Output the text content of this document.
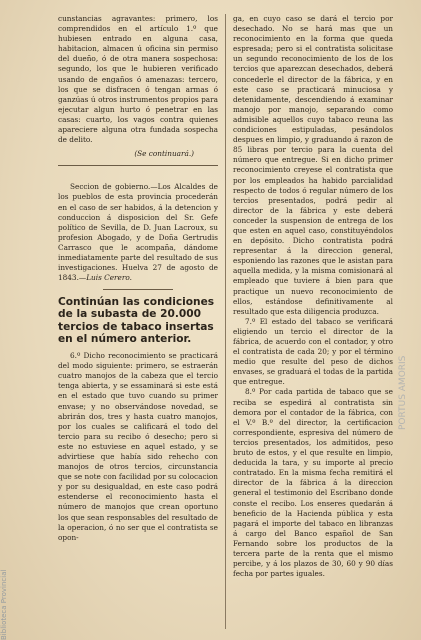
cunstancias agravantes: primero, los comprendidos en el artículo 1.º que hubiesen entrado en alguna casa, habitacion, almacen ú oficina sin permiso del dueño, ó de otra manera sospechosa: segundo, los que le hubieren verificado usando de engaños ó amenazas: tercero, los que se disfracen ó tengan armas ó ganzúas ú otros instrumentos propios para ejecutar algun hurto ó penetrar en las casas: cuarto, los vagos contra quienes apareciere alguna otra fundada sospecha de delito.

(Se continuará.)

Seccion de gobierno.—Los Alcaldes de los pueblos de esta provincia procederán en el caso de ser habidos, á la detencion y conduccion á disposicion del Sr. Gefe político de Sevilla, de D. Juan Lacroux, su profesion Abogado, y de Doña Gertrudis Carrasco que le acompaña, dándome inmediatamente parte del resultado de sus investigaciones. Huelva 27 de agosto de 1843.—Luis Cerero.

Continúan las condiciones de la subasta de 20.000 tercios de tabaco insertas en el número anterior.

6.º Dicho reconocimiento se practicará del modo siguiente: primero, se estraerán cuatro manojos de la cabeza que el tercio tenga abierta, y se essaminará si este está en el estado que tuvo cuando su primer envase; y no observándose novedad, se abrirán dos, tres y hasta cuatro manojos, por los cuales se calificará el todo del tercio para su recibo ó desecho; pero si este no estuviese en aquel estado, y se advirtiese que había sido rehecho con manojos de otros tercios, circunstancia que se note con facilidad por su colocacion y por su desigualdad, en este caso podrá estenderse el reconocimiento hasta el número de manojos que crean oportuno los que sean responsables del resultado de la operacion, ó no ser que el contratista se opon-

ga, en cuyo caso se dará el tercio por desechado. No se hará mas que un reconocimiento en la forma que queda espresada; pero si el contratista solicitase un segundo reconocimiento de los de los tercios que aparezcan desechados, deberá concederle el director de la fábrica, y en este caso se practicará minuciosa y detenidamente, descendiendo á examinar manojo por manojo, separando como admisible aquellos cuyo tabaco reuna las condiciones estipuladas, pesándolos despues en limpio, y graduando á razon de 85 libras por tercio para la cuenta del número que entregue. Si en dicho primer reconocimiento creyese el contratista que por los empleados ha habido parcialidad respecto de todos ó regular número de los tercios presentados, podrá pedir al director de la fábrica y este deberá conceder la suspension de entrega de los que esten en aquel caso, constituyéndolos en depósito. Dicho contratista podrá representar á la direccion general, esponiendo las razones que le asistan para aquella medida, y la misma comisionará al empleado que tuviere á bien para que practique un nuevo reconocimiento de ellos, estándose definitivamente al resultado que esta diligencia produzca.

7.º El estado del tabaco se verificará eligiendo un tercio el director de la fábrica, de acuerdo con el contador, y otro el contratista de cada 20; y por el término medio que resulte del peso de dichos envases, se graduará el todas de la partida que entregue.

8.º Por cada partida de tabaco que se reciba se espedirá al contratista sin demora por el contador de la fábrica, con el V.º B.º del director, la certificacion correspondiente, espresiva del número de tercios presentados, los admitidos, peso bruto de estos, y el que resulte en limpio, deducida la tara, y su importe al precio contratado. En la misma fecha remitirá el director de la fábrica á la direccion general el testimonio del Escribano donde conste el recibo. Los enseres quedarán á beneficio de la Hacienda pública y esta pagará el importe del tabaco en libranzas á cargo del Banco español de San Fernando sobre los productos de la tercera parte de la renta que el mismo percibe, y á los plazos de 30, 60 y 90 días fecha por partes iguales.

PORTUS AMORIS
Biblioteca Provincial
